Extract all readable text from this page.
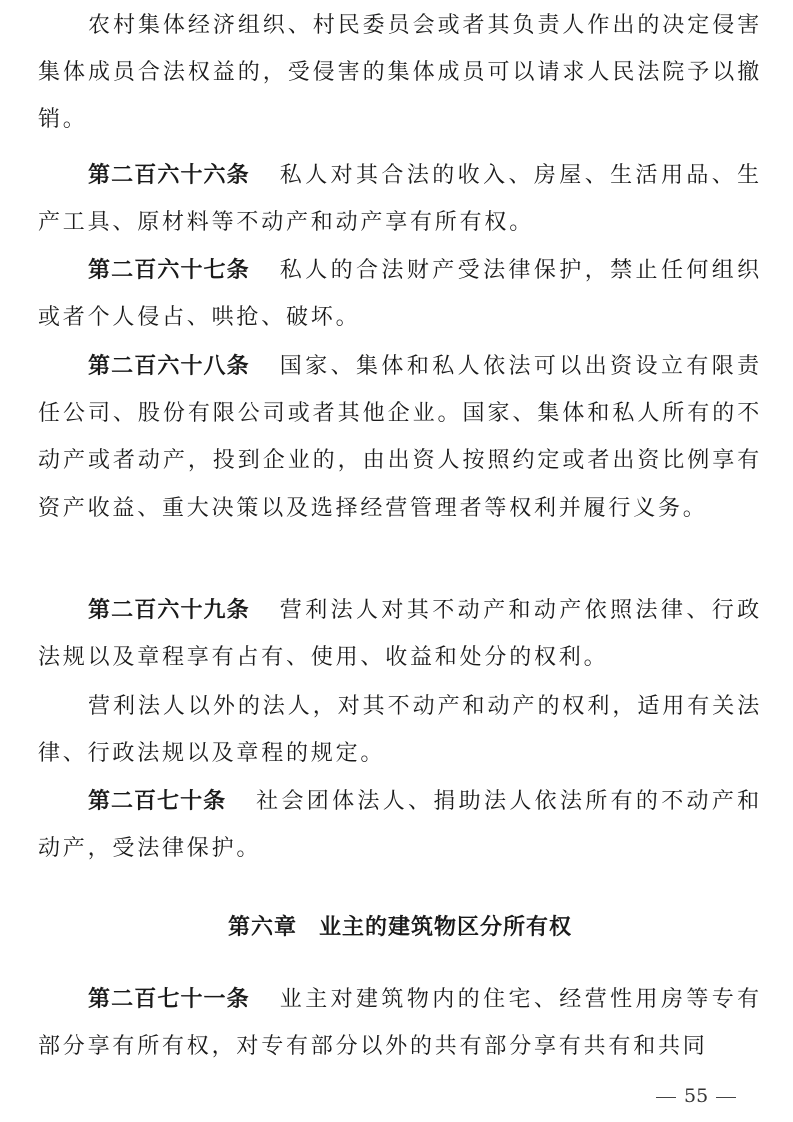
农村集体经济组织、村民委员会或者其负责人作出的决定侵害集体成员合法权益的，受侵害的集体成员可以请求人民法院予以撤销。

第二百六十六条 私人对其合法的收入、房屋、生活用品、生产工具、原材料等不动产和动产享有所有权。

第二百六十七条 私人的合法财产受法律保护，禁止任何组织或者个人侵占、哄抢、破坏。

第二百六十八条 国家、集体和私人依法可以出资设立有限责任公司、股份有限公司或者其他企业。国家、集体和私人所有的不动产或者动产，投到企业的，由出资人按照约定或者出资比例享有资产收益、重大决策以及选择经营管理者等权利并履行义务。

第二百六十九条 营利法人对其不动产和动产依照法律、行政法规以及章程享有占有、使用、收益和处分的权利。

营利法人以外的法人，对其不动产和动产的权利，适用有关法律、行政法规以及章程的规定。

第二百七十条 社会团体法人、捐助法人依法所有的不动产和动产，受法律保护。

第六章 业主的建筑物区分所有权

第二百七十一条 业主对建筑物内的住宅、经营性用房等专有部分享有所有权，对专有部分以外的共有部分享有共有和共同

55
